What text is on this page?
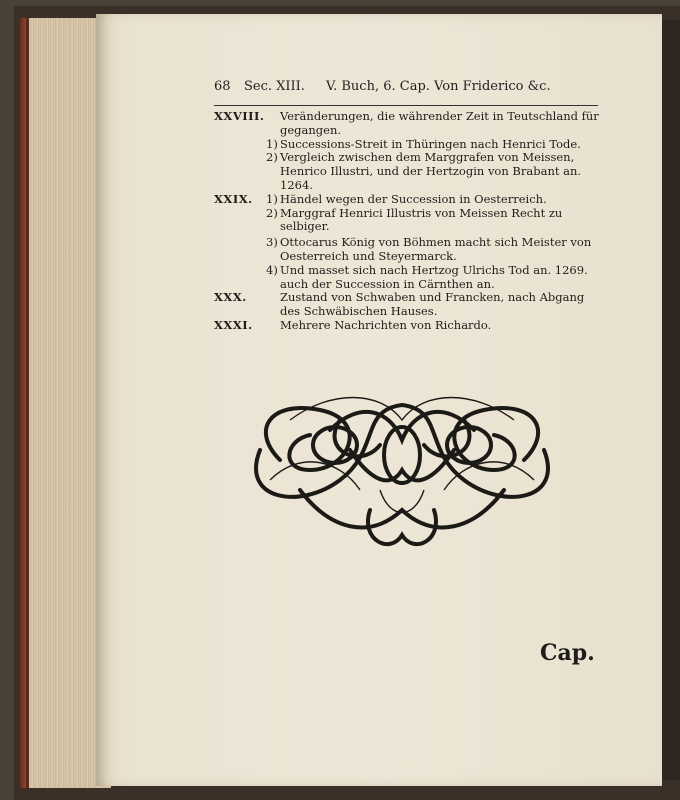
68 Sec. XIII. V. Buch, 6. Cap. Von Friderico &c.
XXVIII. Veränderungen, die währender Zeit in Teutschland für gegangen.
1) Successions-Streit in Thüringen nach Henrici Tode.
2) Vergleich zwischen dem Marggrafen von Meissen, Henrico Illustri, und der Hertzogin von Brabant an. 1264.
XXIX. 1) Händel wegen der Succession in Oesterreich.
2) Marggraf Henrici Illustris von Meissen Recht zu selbiger.
3) Ottocarus König von Böhmen macht sich Meister von Oesterreich und Steyermarck.
4) Und masset sich nach Hertzog Ulrichs Tod an. 1269. auch der Succession in Cärnthen an.
XXX.	Zustand von Schwaben und Francken, nach Abgang des Schwäbischen Hauses.
XXXI. Mehrere Nachrichten von Richardo.
Cap.
